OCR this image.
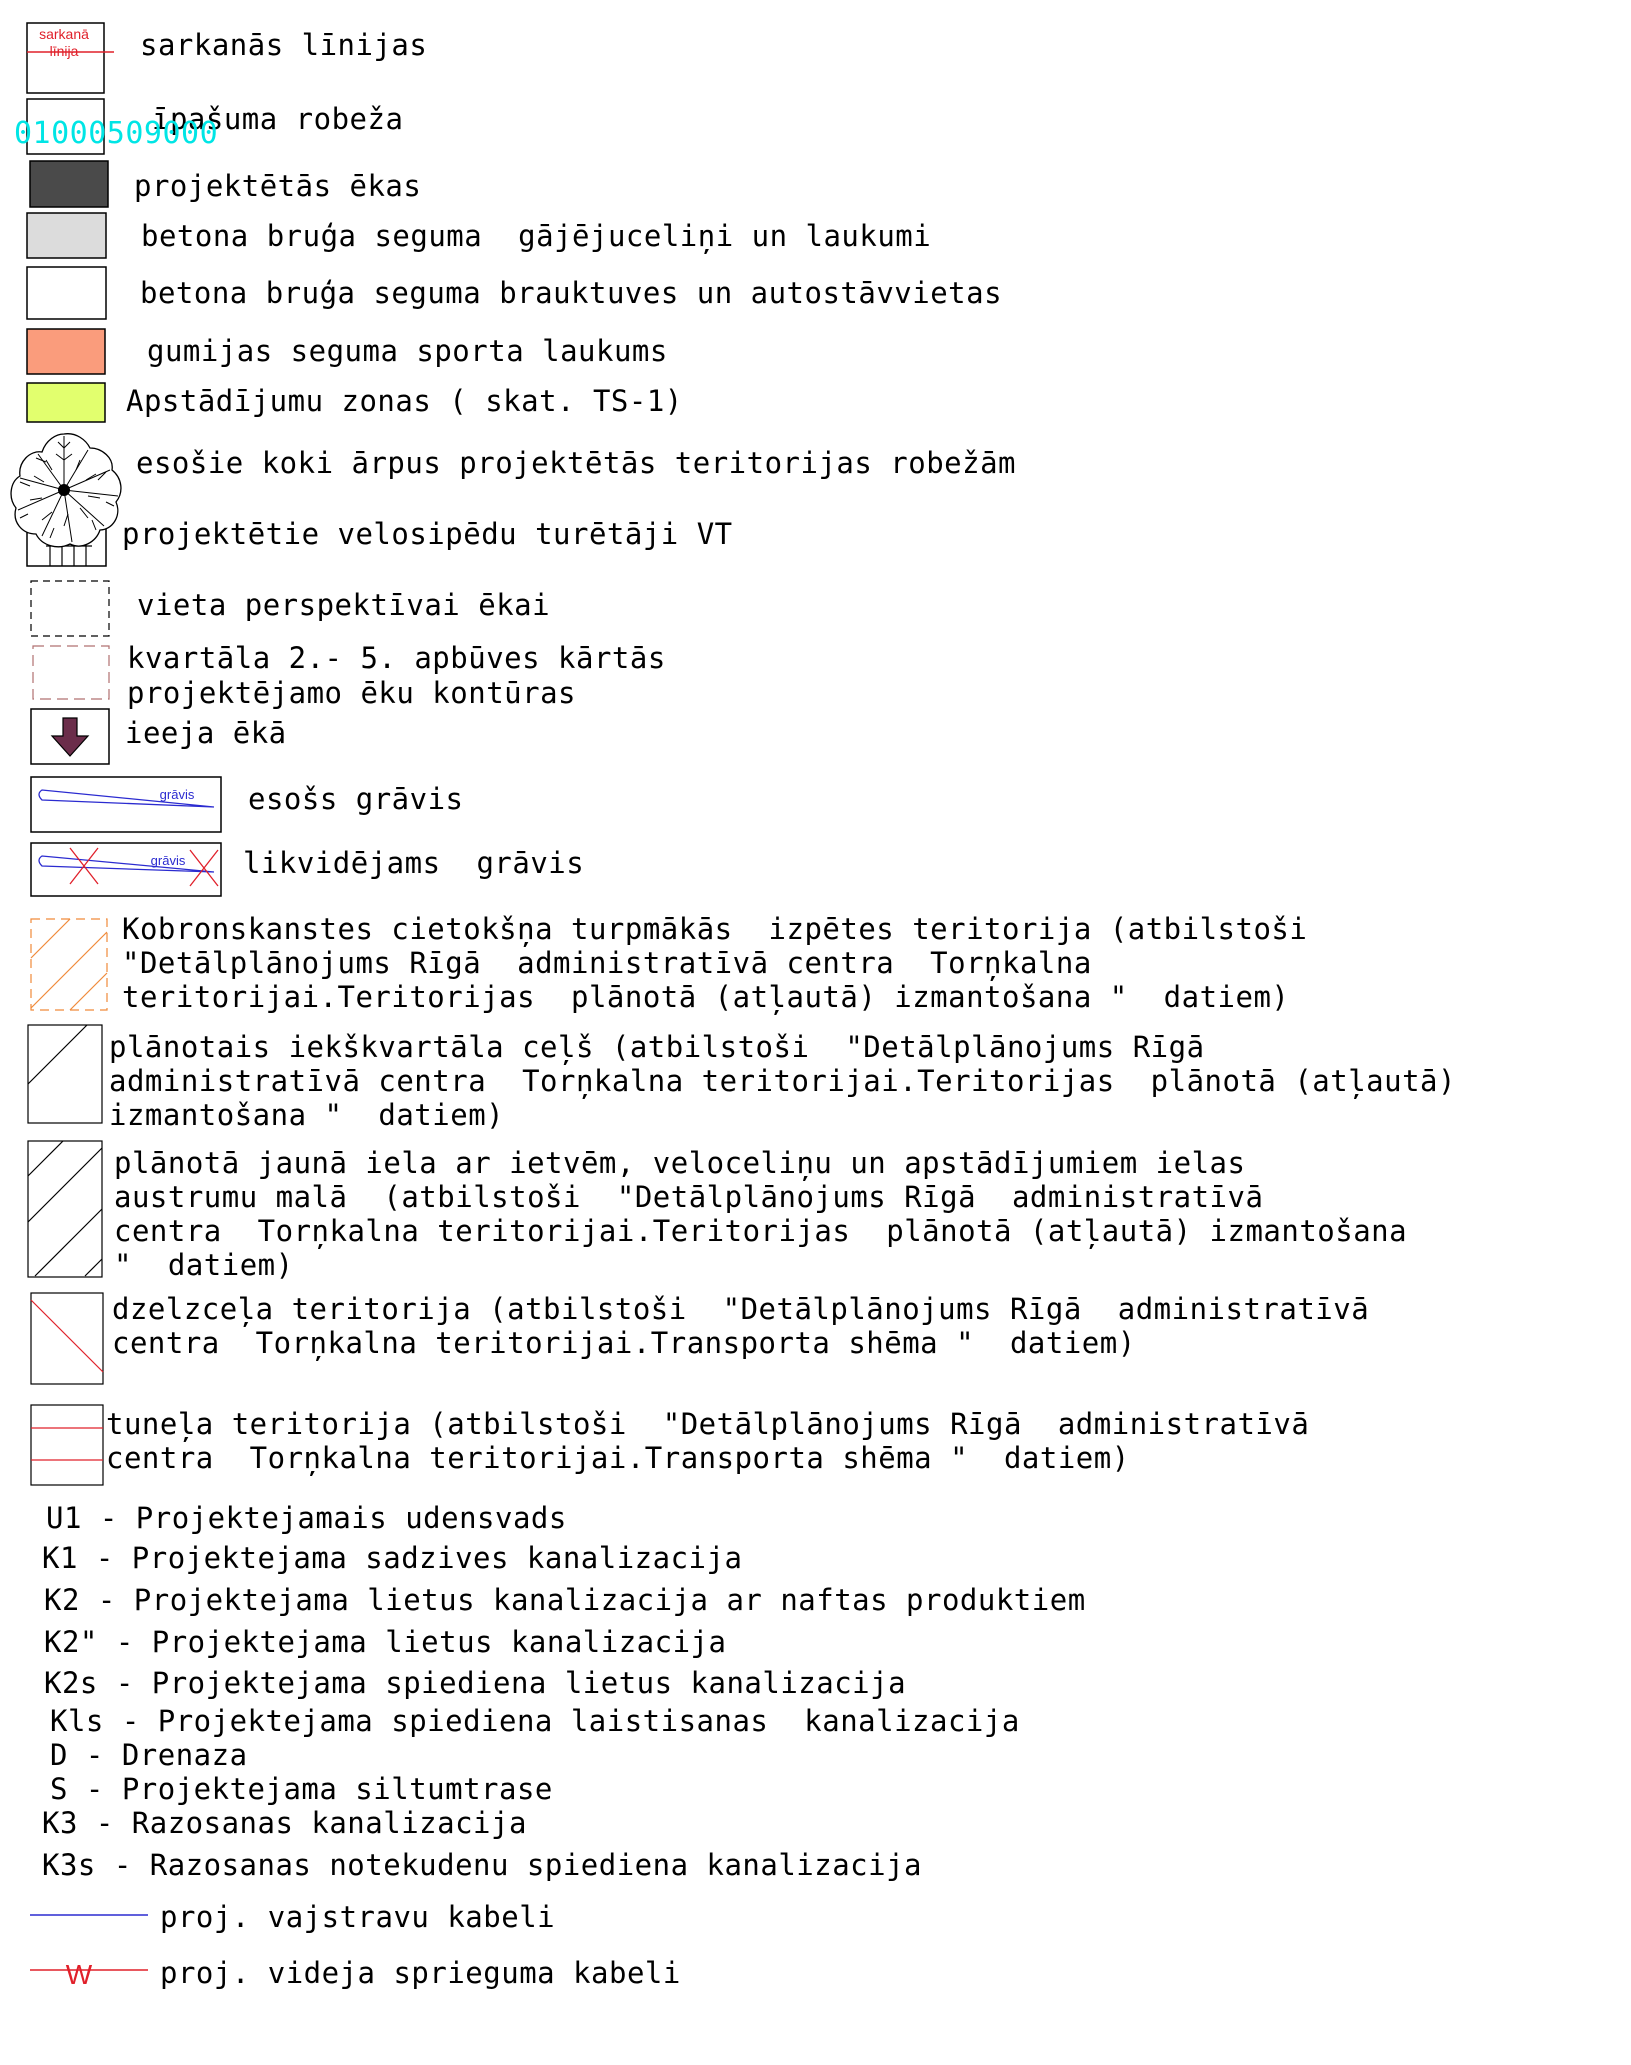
sarkanā
līnija sarkanās līnijas
īpašuma robeža
01000509000
projektētās ēkas
betona bruģa seguma  gājējuceliņi un laukumi
betona bruģa seguma brauktuves un autostāvvietas
gumijas seguma sporta laukums
Apstādījumu zonas ( skat. TS-1)
esošie koki ārpus projektētās teritorijas robežām
projektētie velosipēdu turētāji VT
vieta perspektīvai ēkai
kvartāla 2.- 5. apbūves kārtās
projektējamo ēku kontūras
ieeja ēkā
grāvis esošs grāvis
grāvis likvidējams  grāvis
Kobronskanstes cietokšņa turpmākās  izpētes teritorija (atbilstoši
"Detālplānojums Rīgā  administratīvā centra  Torņkalna
teritorijai.Teritorijas  plānotā (atļautā) izmantošana "  datiem)
plānotais iekškvartāla ceļš (atbilstoši  "Detālplānojums Rīgā
administratīvā centra  Torņkalna teritorijai.Teritorijas  plānotā (atļautā)
izmantošana "  datiem)
plānotā jaunā iela ar ietvēm, veloceliņu un apstādījumiem ielas
austrumu malā  (atbilstoši  "Detālplānojums Rīgā  administratīvā
centra  Torņkalna teritorijai.Teritorijas  plānotā (atļautā) izmantošana
"  datiem)
dzelzceļa teritorija (atbilstoši  "Detālplānojums Rīgā  administratīvā
centra  Torņkalna teritorijai.Transporta shēma "  datiem)
tuneļa teritorija (atbilstoši  "Detālplānojums Rīgā  administratīvā
centra  Torņkalna teritorijai.Transporta shēma "  datiem)
U1 - Projektejamais udensvads
K1 - Projektejama sadzives kanalizacija
K2 - Projektejama lietus kanalizacija ar naftas produktiem
K2" - Projektejama lietus kanalizacija
K2s - Projektejama spiediena lietus kanalizacija
Kls - Projektejama spiediena laistisanas  kanalizacija
D - Drenaza
S - Projektejama siltumtrase
K3 - Razosanas kanalizacija
K3s - Razosanas notekudenu spiediena kanalizacija
proj. vajstravu kabeli
W proj. videja sprieguma kabeli
